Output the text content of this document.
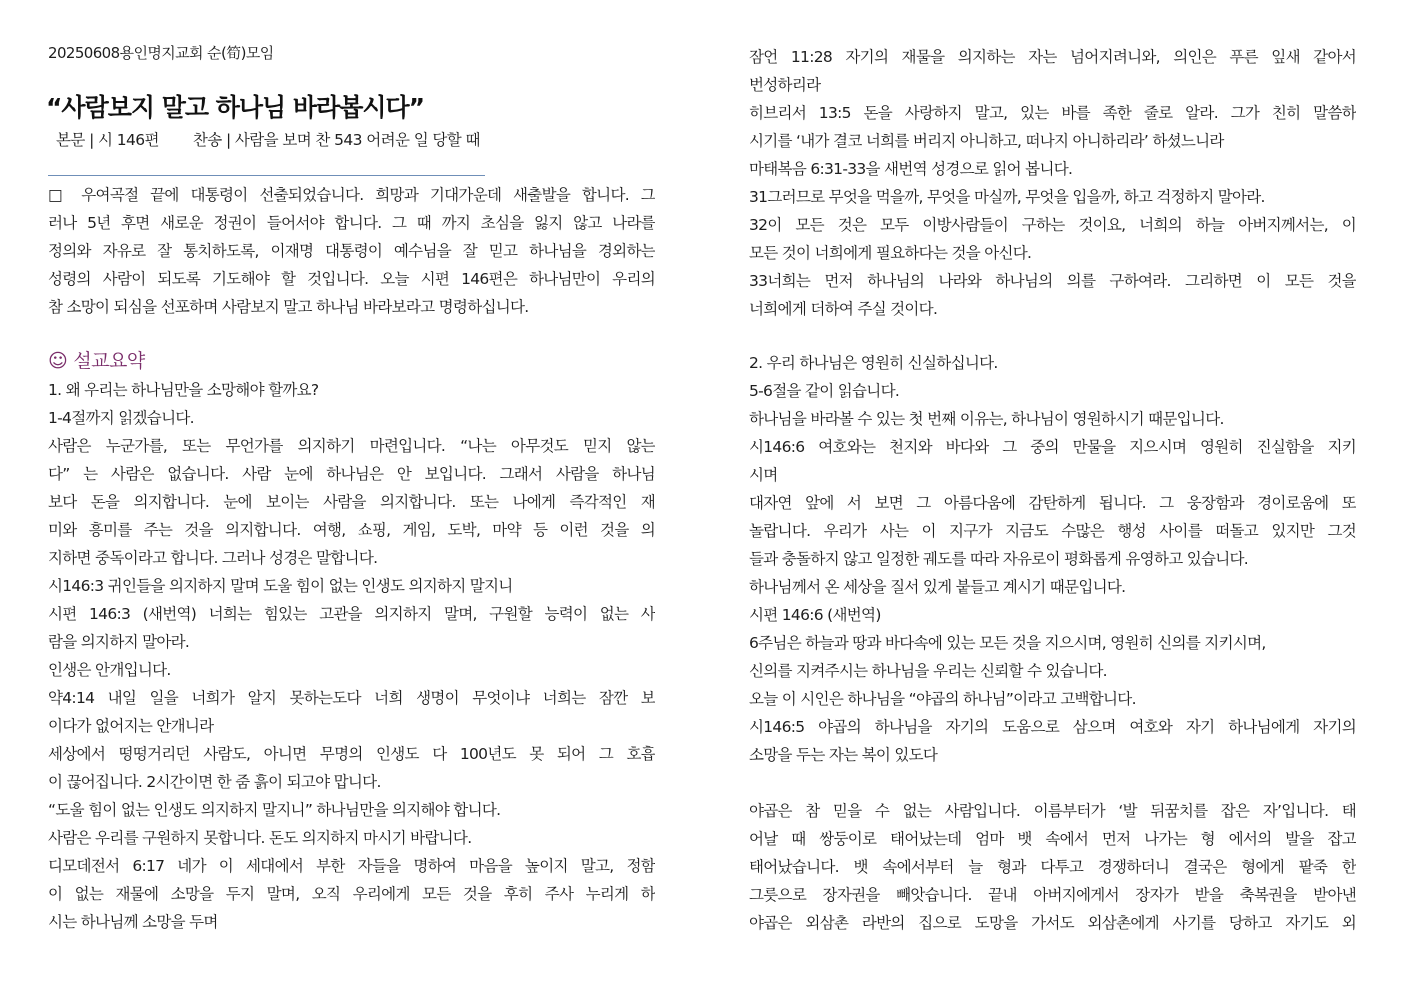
20250608용인명지교회 순(筍)모임
“사람보지 말고 하나님 바라봅시다”
본문 | 시 146편 찬송 | 사람을 보며 찬 543 어려운 일 당할 때
□ 우여곡절 끝에 대통령이 선출되었습니다. 희망과 기대가운데 새출발을 합니다. 그
러나 5년 후면 새로운 정권이 들어서야 합니다. 그 때 까지 초심을 잃지 않고 나라를
정의와 자유로 잘 통치하도록, 이재명 대통령이 예수님을 잘 믿고 하나님을 경외하는
성령의 사람이 되도록 기도해야 할 것입니다. 오늘 시편 146편은 하나님만이 우리의
참 소망이 되심을 선포하며 사람보지 말고 하나님 바라보라고 명령하십니다.
☺ 설교요약
1. 왜 우리는 하나님만을 소망해야 할까요?
1-4절까지 읽겠습니다.
사람은 누군가를, 또는 무언가를 의지하기 마련입니다. “나는 아무것도 믿지 않는
다” 는 사람은 없습니다. 사람 눈에 하나님은 안 보입니다. 그래서 사람을 하나님
보다 돈을 의지합니다. 눈에 보이는 사람을 의지합니다. 또는 나에게 즉각적인 재
미와 흥미를 주는 것을 의지합니다. 여행, 쇼핑, 게임, 도박, 마약 등 이런 것을 의
지하면 중독이라고 합니다. 그러나 성경은 말합니다.
시146:3 귀인들을 의지하지 말며 도울 힘이 없는 인생도 의지하지 말지니
시편 146:3 (새번역) 너희는 힘있는 고관을 의지하지 말며, 구원할 능력이 없는 사
람을 의지하지 말아라.
인생은 안개입니다.
약4:14 내일 일을 너희가 알지 못하는도다 너희 생명이 무엇이냐 너희는 잠깐 보
이다가 없어지는 안개니라
세상에서 떵떵거리던 사람도, 아니면 무명의 인생도 다 100년도 못 되어 그 호흡
이 끊어집니다. 2시간이면 한 줌 흙이 되고야 맙니다.
“도울 힘이 없는 인생도 의지하지 말지니” 하나님만을 의지해야 합니다.
사람은 우리를 구원하지 못합니다. 돈도 의지하지 마시기 바랍니다.
디모데전서 6:17 네가 이 세대에서 부한 자들을 명하여 마음을 높이지 말고, 정함
이 없는 재물에 소망을 두지 말며, 오직 우리에게 모든 것을 후히 주사 누리게 하
시는 하나님께 소망을 두며
잠언 11:28 자기의 재물을 의지하는 자는 넘어지려니와, 의인은 푸른 잎새 같아서
번성하리라
히브리서 13:5 돈을 사랑하지 말고, 있는 바를 족한 줄로 알라. 그가 친히 말씀하
시기를 ‘내가 결코 너희를 버리지 아니하고, 떠나지 아니하리라’ 하셨느니라
마태복음 6:31-33을 새번역 성경으로 읽어 봅니다.
31그러므로 무엇을 먹을까, 무엇을 마실까, 무엇을 입을까, 하고 걱정하지 말아라.
32이 모든 것은 모두 이방사람들이 구하는 것이요, 너희의 하늘 아버지께서는, 이
모든 것이 너희에게 필요하다는 것을 아신다.
33너희는 먼저 하나님의 나라와 하나님의 의를 구하여라. 그리하면 이 모든 것을
너희에게 더하여 주실 것이다.
2. 우리 하나님은 영원히 신실하십니다.
5-6절을 같이 읽습니다.
하나님을 바라볼 수 있는 첫 번째 이유는, 하나님이 영원하시기 때문입니다.
시146:6 여호와는 천지와 바다와 그 중의 만물을 지으시며 영원히 진실함을 지키
시며
대자연 앞에 서 보면 그 아름다움에 감탄하게 됩니다. 그 웅장함과 경이로움에 또
놀랍니다. 우리가 사는 이 지구가 지금도 수많은 행성 사이를 떠돌고 있지만 그것
들과 충돌하지 않고 일정한 궤도를 따라 자유로이 평화롭게 유영하고 있습니다.
하나님께서 온 세상을 질서 있게 붙들고 계시기 때문입니다.
시편 146:6 (새번역)
6주님은 하늘과 땅과 바다속에 있는 모든 것을 지으시며, 영원히 신의를 지키시며,
신의를 지켜주시는 하나님을 우리는 신뢰할 수 있습니다.
오늘 이 시인은 하나님을 “야곱의 하나님”이라고 고백합니다.
시146:5 야곱의 하나님을 자기의 도움으로 삼으며 여호와 자기 하나님에게 자기의
소망을 두는 자는 복이 있도다
야곱은 참 믿을 수 없는 사람입니다. 이름부터가 ‘발 뒤꿈치를 잡은 자’입니다. 태
어날 때 쌍둥이로 태어났는데 엄마 뱃 속에서 먼저 나가는 형 에서의 발을 잡고
태어났습니다. 뱃 속에서부터 늘 형과 다투고 경쟁하더니 결국은 형에게 팥죽 한
그릇으로 장자권을 빼앗습니다. 끝내 아버지에게서 장자가 받을 축복권을 받아낸
야곱은 외삼촌 라반의 집으로 도망을 가서도 외삼촌에게 사기를 당하고 자기도 외
